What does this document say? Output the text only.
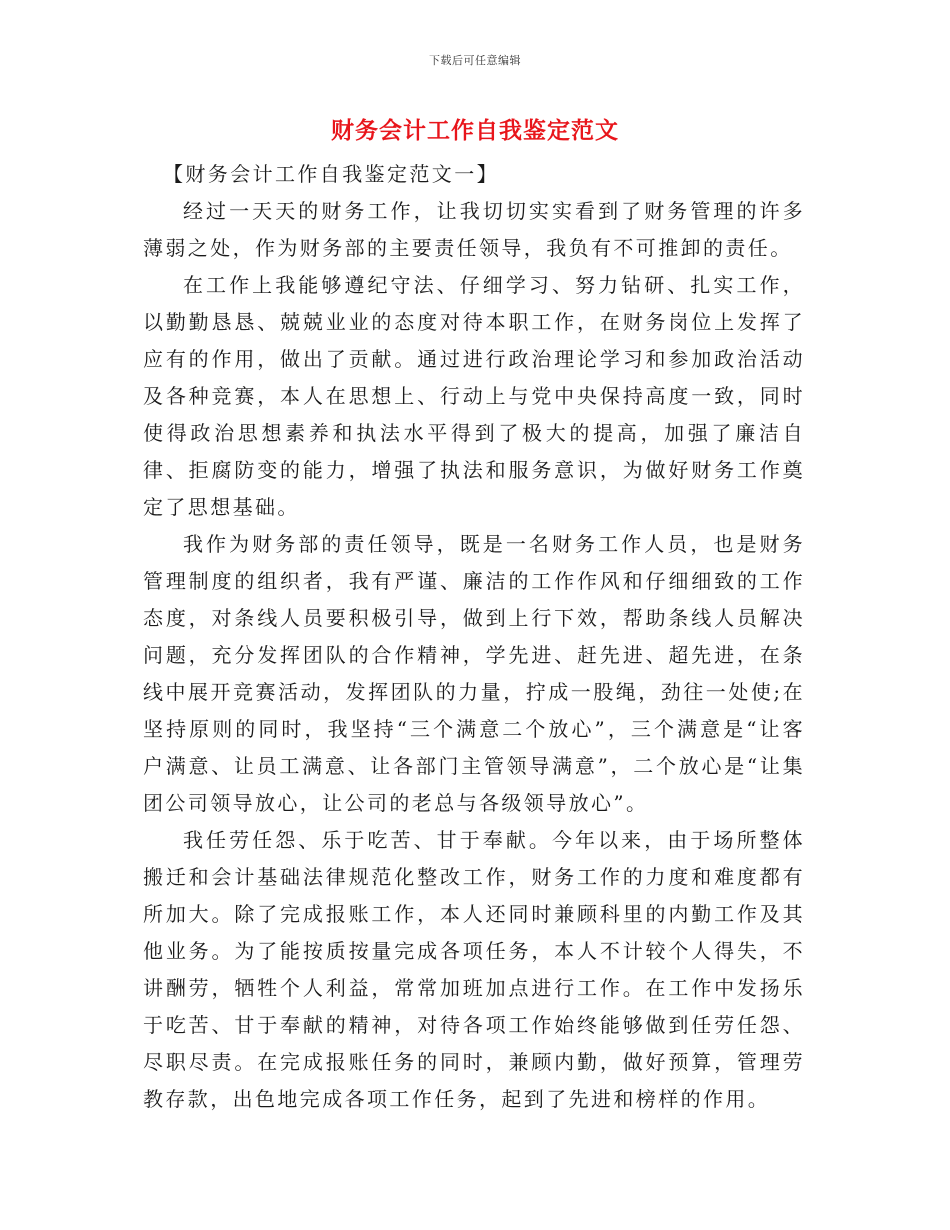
下载后可任意编辑
财务会计工作自我鉴定范文

【财务会计工作自我鉴定范文一】

经过一天天的财务工作，让我切切实实看到了财务管理的许多薄弱之处，作为财务部的主要责任领导，我负有不可推卸的责任。

在工作上我能够遵纪守法、仔细学习、努力钻研、扎实工作，以勤勤恳恳、兢兢业业的态度对待本职工作，在财务岗位上发挥了应有的作用，做出了贡献。通过进行政治理论学习和参加政治活动及各种竞赛，本人在思想上、行动上与党中央保持高度一致，同时使得政治思想素养和执法水平得到了极大的提高，加强了廉洁自律、拒腐防变的能力，增强了执法和服务意识，为做好财务工作奠定了思想基础。

我作为财务部的责任领导，既是一名财务工作人员，也是财务管理制度的组织者，我有严谨、廉洁的工作作风和仔细细致的工作态度，对条线人员要积极引导，做到上行下效，帮助条线人员解决问题，充分发挥团队的合作精神，学先进、赶先进、超先进，在条线中展开竞赛活动，发挥团队的力量，拧成一股绳，劲往一处使;在坚持原则的同时，我坚持“三个满意二个放心”，三个满意是“让客户满意、让员工满意、让各部门主管领导满意”，二个放心是“让集团公司领导放心，让公司的老总与各级领导放心”。

我任劳任怨、乐于吃苦、甘于奉献。今年以来，由于场所整体搬迁和会计基础法律规范化整改工作，财务工作的力度和难度都有所加大。除了完成报账工作，本人还同时兼顾科里的内勤工作及其他业务。为了能按质按量完成各项任务，本人不计较个人得失，不讲酬劳，牺牲个人利益，常常加班加点进行工作。在工作中发扬乐于吃苦、甘于奉献的精神，对待各项工作始终能够做到任劳任怨、尽职尽责。在完成报账任务的同时，兼顾内勤，做好预算，管理劳教存款，出色地完成各项工作任务，起到了先进和榜样的作用。
